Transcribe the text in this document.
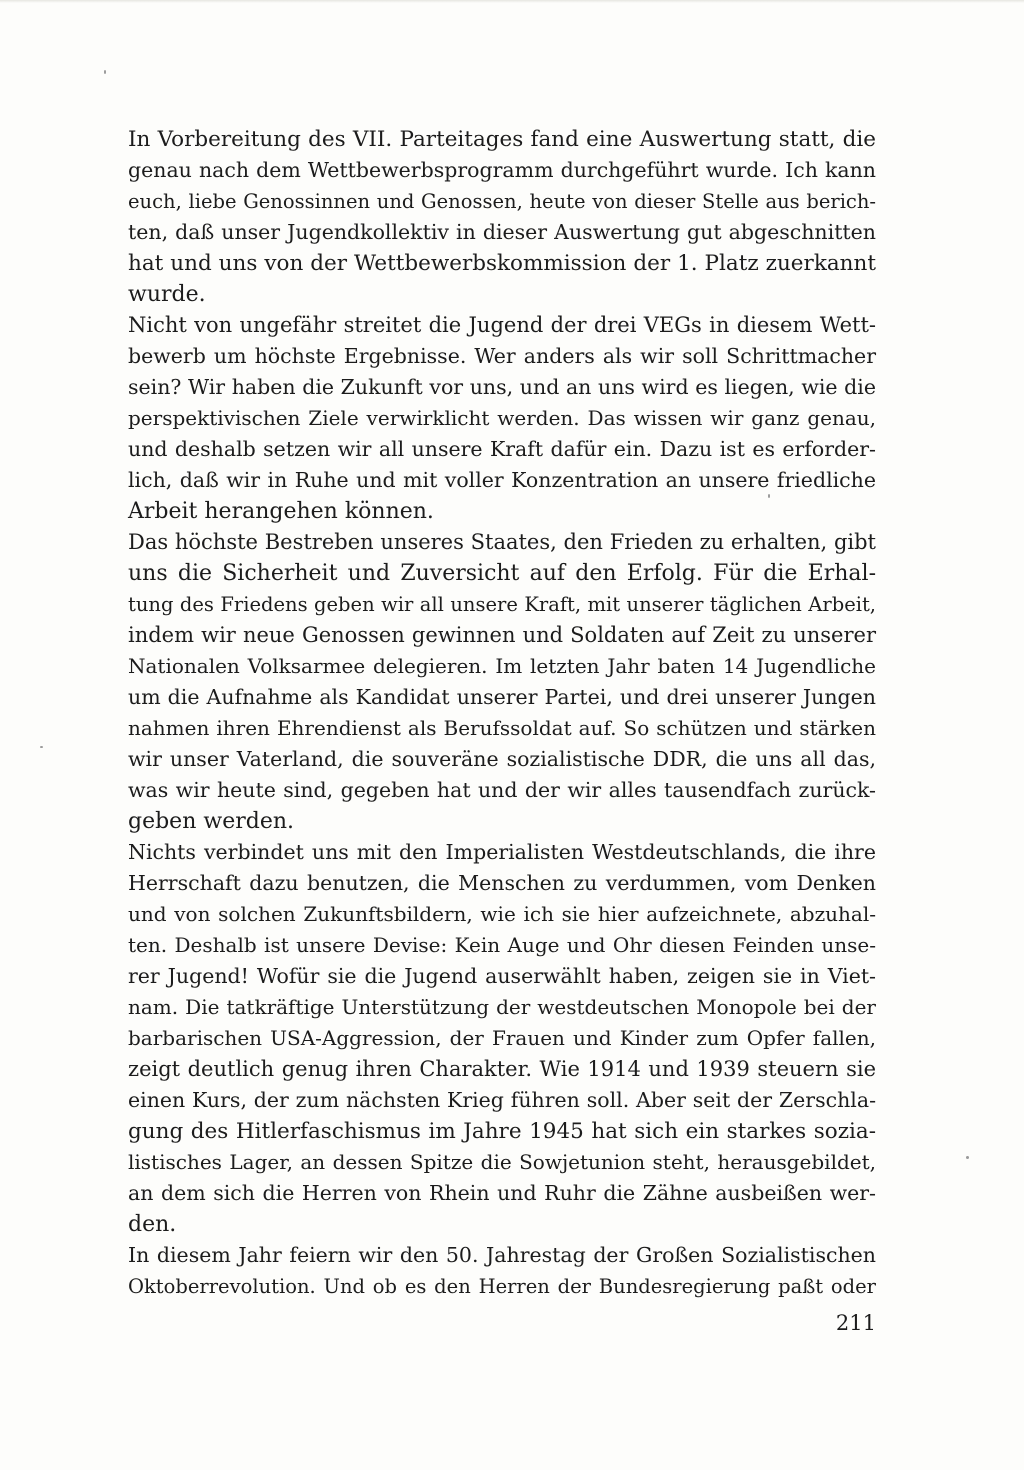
In Vorbereitung des VII. Parteitages fand eine Auswertung statt, die
genau nach dem Wettbewerbsprogramm durchgeführt wurde. Ich kann
euch, liebe Genossinnen und Genossen, heute von dieser Stelle aus berich-
ten, daß unser Jugendkollektiv in dieser Auswertung gut abgeschnitten
hat und uns von der Wettbewerbskommission der 1. Platz zuerkannt
wurde.
Nicht von ungefähr streitet die Jugend der drei VEGs in diesem Wett-
bewerb um höchste Ergebnisse. Wer anders als wir soll Schrittmacher
sein? Wir haben die Zukunft vor uns, und an uns wird es liegen, wie die
perspektivischen Ziele verwirklicht werden. Das wissen wir ganz genau,
und deshalb setzen wir all unsere Kraft dafür ein. Dazu ist es erforder-
lich, daß wir in Ruhe und mit voller Konzentration an unsere friedliche
Arbeit herangehen können.
Das höchste Bestreben unseres Staates, den Frieden zu erhalten, gibt
uns die Sicherheit und Zuversicht auf den Erfolg. Für die Erhal-
tung des Friedens geben wir all unsere Kraft, mit unserer täglichen Arbeit,
indem wir neue Genossen gewinnen und Soldaten auf Zeit zu unserer
Nationalen Volksarmee delegieren. Im letzten Jahr baten 14 Jugendliche
um die Aufnahme als Kandidat unserer Partei, und drei unserer Jungen
nahmen ihren Ehrendienst als Berufssoldat auf. So schützen und stärken
wir unser Vaterland, die souveräne sozialistische DDR, die uns all das,
was wir heute sind, gegeben hat und der wir alles tausendfach zurück-
geben werden.
Nichts verbindet uns mit den Imperialisten Westdeutschlands, die ihre
Herrschaft dazu benutzen, die Menschen zu verdummen, vom Denken
und von solchen Zukunftsbildern, wie ich sie hier aufzeichnete, abzuhal-
ten. Deshalb ist unsere Devise: Kein Auge und Ohr diesen Feinden unse-
rer Jugend! Wofür sie die Jugend auserwählt haben, zeigen sie in Viet-
nam. Die tatkräftige Unterstützung der westdeutschen Monopole bei der
barbarischen USA-Aggression, der Frauen und Kinder zum Opfer fallen,
zeigt deutlich genug ihren Charakter. Wie 1914 und 1939 steuern sie
einen Kurs, der zum nächsten Krieg führen soll. Aber seit der Zerschla-
gung des Hitlerfaschismus im Jahre 1945 hat sich ein starkes sozia-
listisches Lager, an dessen Spitze die Sowjetunion steht, herausgebildet,
an dem sich die Herren von Rhein und Ruhr die Zähne ausbeißen wer-
den.
In diesem Jahr feiern wir den 50. Jahrestag der Großen Sozialistischen
Oktoberrevolution. Und ob es den Herren der Bundesregierung paßt oder
211
